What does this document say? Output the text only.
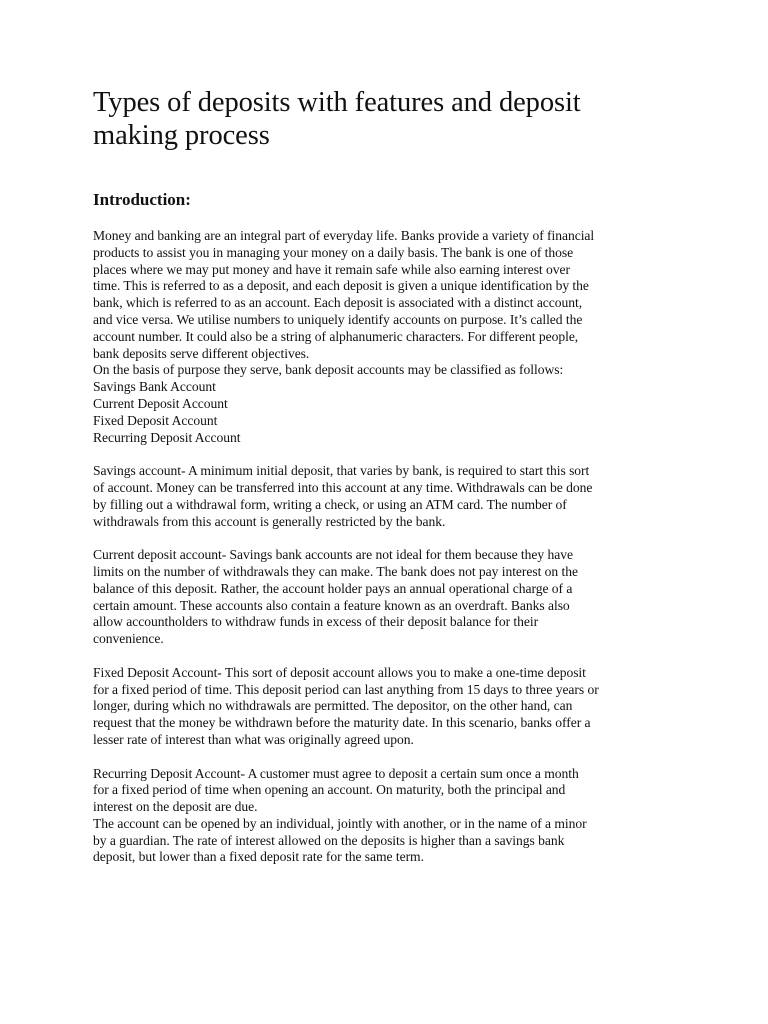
Types of deposits with features and deposit
making process
Introduction:

Money and banking are an integral part of everyday life. Banks provide a variety of financial
products to assist you in managing your money on a daily basis. The bank is one of those
places where we may put money and have it remain safe while also earning interest over
time. This is referred to as a deposit, and each deposit is given a unique identification by the
bank, which is referred to as an account. Each deposit is associated with a distinct account,
and vice versa. We utilise numbers to uniquely identify accounts on purpose. It’s called the
account number. It could also be a string of alphanumeric characters. For different people,
bank deposits serve different objectives.
On the basis of purpose they serve, bank deposit accounts may be classified as follows:
Savings Bank Account
Current Deposit Account
Fixed Deposit Account
Recurring Deposit Account

Savings account- A minimum initial deposit, that varies by bank, is required to start this sort
of account. Money can be transferred into this account at any time. Withdrawals can be done
by filling out a withdrawal form, writing a check, or using an ATM card. The number of
withdrawals from this account is generally restricted by the bank.

Current deposit account- Savings bank accounts are not ideal for them because they have
limits on the number of withdrawals they can make. The bank does not pay interest on the
balance of this deposit. Rather, the account holder pays an annual operational charge of a
certain amount. These accounts also contain a feature known as an overdraft. Banks also
allow accountholders to withdraw funds in excess of their deposit balance for their
convenience.

Fixed Deposit Account- This sort of deposit account allows you to make a one-time deposit
for a fixed period of time. This deposit period can last anything from 15 days to three years or
longer, during which no withdrawals are permitted. The depositor, on the other hand, can
request that the money be withdrawn before the maturity date. In this scenario, banks offer a
lesser rate of interest than what was originally agreed upon.

Recurring Deposit Account- A customer must agree to deposit a certain sum once a month
for a fixed period of time when opening an account. On maturity, both the principal and
interest on the deposit are due.
The account can be opened by an individual, jointly with another, or in the name of a minor
by a guardian. The rate of interest allowed on the deposits is higher than a savings bank
deposit, but lower than a fixed deposit rate for the same term.
